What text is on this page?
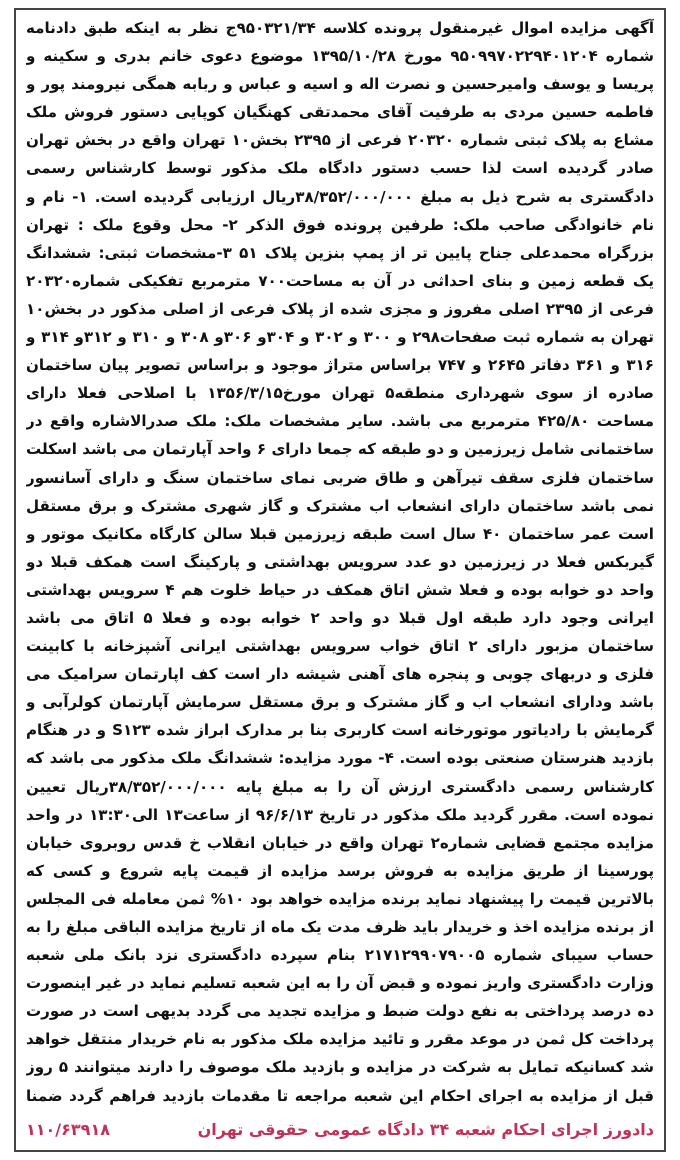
آگهی مزایده اموال غیرمنقول پرونده کلاسه ۹۵۰۳۲۱/۳۴ج نظر به اینکه طبق دادنامه شماره ۹۵۰۹۹۷۰۲۲۹۴۰۱۲۰۴ مورخ ۱۳۹۵/۱۰/۲۸ موضوع دعوی خانم بدری و سکینه و پریسا و یوسف وامیرحسین و نصرت اله و اسیه و عباس و ربابه همگی نیرومند پور و فاطمه حسین مردی به طرفیت آقای محمدتقی کهنگیان کوپایی دستور فروش ملک مشاع به پلاک ثبتی شماره ۲۰۳۲۰ فرعی از ۲۳۹۵ بخش۱۰ تهران واقع در بخش تهران صادر گردیده است لذا حسب دستور دادگاه ملک مذکور توسط کارشناس رسمی دادگستری به شرح ذیل به مبلغ ۳۸/۳۵۲/۰۰۰/۰۰۰ریال ارزیابی گردیده است. ۱- نام و نام خانوادگی صاحب ملک: طرفین پرونده فوق الذکر ۲- محل وقوع ملک : تهران بزرگراه محمدعلی جناح پایین تر از پمپ بنزین پلاک ۵۱ ۳-مشخصات ثبتی: ششدانگ یک قطعه زمین و بنای احداثی در آن به مساحت۷۰۰ مترمربع تفکیکی شماره۲۰۳۲۰ فرعی از ۲۳۹۵ اصلی مفروز و مجزی شده از پلاک فرعی از اصلی مذکور در بخش۱۰ تهران به شماره ثبت صفحات۲۹۸ و ۳۰۰ و ۳۰۲ و ۳۰۴و ۳۰۶و ۳۰۸ و ۳۱۰ و ۳۱۲و ۳۱۴ و ۳۱۶ و ۳۶۱ دفاتر ۲۶۴۵ و ۷۴۷ براساس متراژ موجود و براساس تصویر پیان ساختمان صادره از سوی شهرداری منطقه۵ تهران مورخ۱۳۵۶/۳/۱۵ با اصلاحی فعلا دارای مساحت ۴۲۵/۸۰ مترمربع می باشد. سایر مشخصات ملک: ملک صدرالاشاره واقع در ساختمانی شامل زیرزمین و دو طبقه که جمعا دارای ۶ واحد آپارتمان می باشد اسکلت ساختمان فلزی سقف تیرآهن و طاق ضربی نمای ساختمان سنگ و دارای آسانسور نمی باشد ساختمان دارای انشعاب اب مشترک و گاز شهری مشترک و برق مستقل است عمر ساختمان ۴۰ سال است طبقه زیرزمین قبلا سالن کارگاه مکانیک موتور و گیربکس فعلا در زیرزمین دو عدد سرویس بهداشتی و پارکینگ است همکف قبلا دو واحد دو خوابه بوده و فعلا شش اتاق همکف در حیاط خلوت هم ۴ سرویس بهداشتی ایرانی وجود دارد طبقه اول قبلا دو واحد ۲ خوابه بوده و فعلا ۵ اتاق می باشد ساختمان مزبور دارای ۲ اتاق خواب سرویس بهداشتی ایرانی آشپزخانه با کابینت فلزی و دربهای چوبی و پنجره های آهنی شیشه دار است کف اپارتمان سرامیک می باشد ودارای انشعاب اب و گاز مشترک و برق مستقل سرمایش آپارتمان کولرآبی و گرمایش با رادیاتور موتورخانه است کاربری بنا بر مدارک ابراز شده S۱۲۳ و در هنگام بازدید هنرستان صنعتی بوده است. ۴- مورد مزایده: ششدانگ ملک مذکور می باشد که کارشناس رسمی دادگستری ارزش آن را به مبلغ پایه ۳۸/۳۵۲/۰۰۰/۰۰۰ریال تعیین نموده است. مقرر گردید ملک مذکور در تاریخ ۹۶/۶/۱۳ از ساعت۱۳ الی۱۳:۳۰ در واحد مزایده مجتمع قضایی شماره۲ تهران واقع در خیابان انقلاب خ قدس روبروی خیابان پورسینا از طریق مزایده به فروش برسد مزایده از قیمت پایه شروع و کسی که بالاترین قیمت را پیشنهاد نماید برنده مزایده خواهد بود ۱۰% ثمن معامله فی المجلس از برنده مزایده اخذ و خریدار باید ظرف مدت یک ماه از تاریخ مزایده الباقی مبلغ را به حساب سیبای شماره ۲۱۷۱۲۹۹۰۷۹۰۰۵ بنام سپرده دادگستری نزد بانک ملی شعبه وزارت دادگستری واریز نموده و قبض آن را به این شعبه تسلیم نماید در غیر اینصورت ده درصد پرداختی به نفع دولت ضبط و مزایده تجدید می گردد بدیهی است در صورت پرداخت کل ثمن در موعد مقرر و تائید مزایده ملک مذکور به نام خریدار منتقل خواهد شد کسانیکه تمایل به شرکت در مزایده و بازدید ملک موصوف را دارند میتوانند ۵ روز قبل از مزایده به اجرای احکام این شعبه مراجعه تا مقدمات بازدید فراهم گردد ضمنا

دادورز اجرای احکام شعبه ۳۴ دادگاه عمومی حقوقی تهران
۱۱۰/۶۳۹۱۸
